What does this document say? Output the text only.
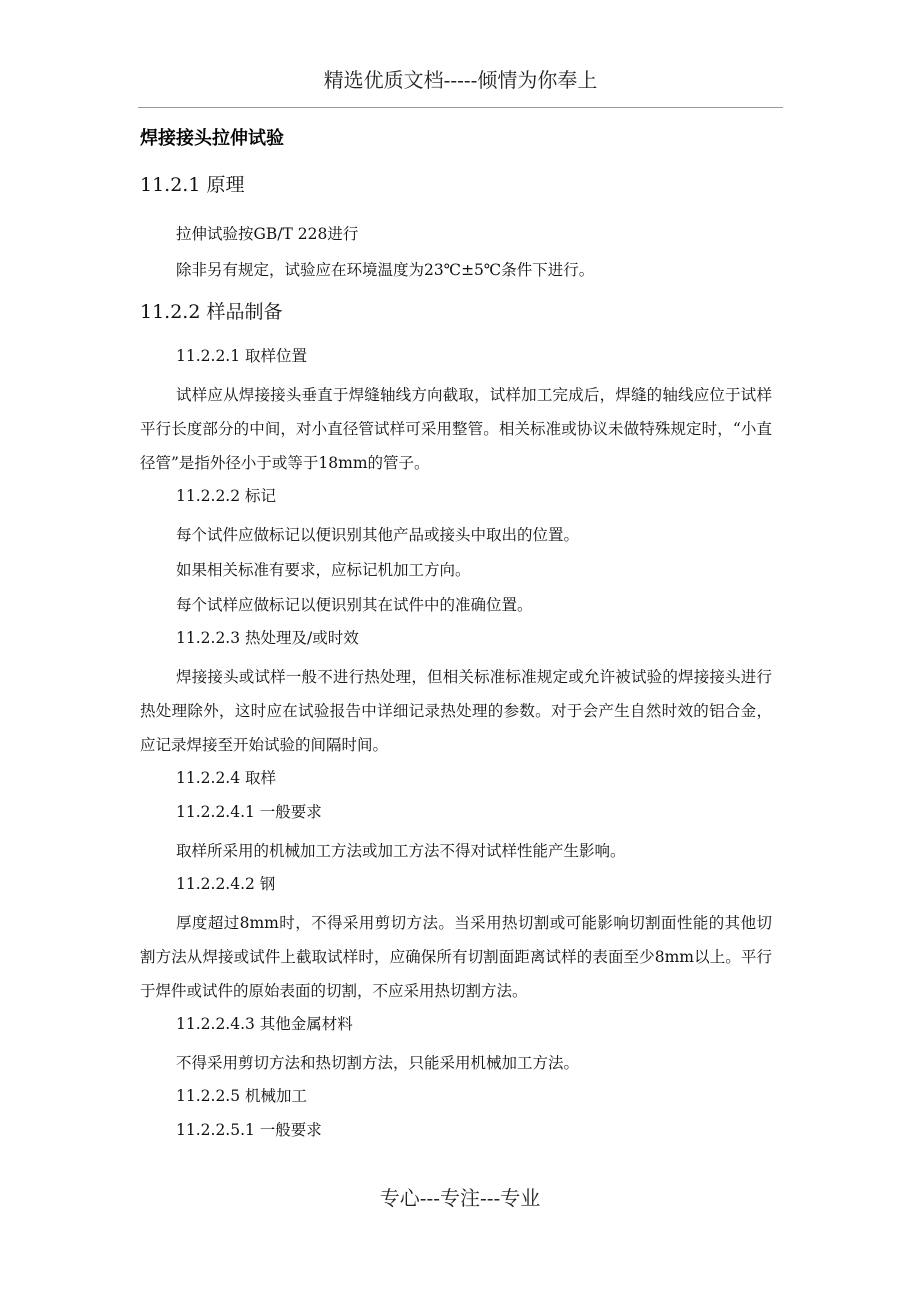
精选优质文档-----倾情为你奉上
焊接接头拉伸试验
11.2.1 原理
拉伸试验按GB/T 228进行
除非另有规定，试验应在环境温度为23℃±5℃条件下进行。
11.2.2 样品制备
11.2.2.1 取样位置
试样应从焊接接头垂直于焊缝轴线方向截取，试样加工完成后，焊缝的轴线应位于试样平行长度部分的中间，对小直径管试样可采用整管。相关标准或协议未做特殊规定时，“小直径管”是指外径小于或等于18mm的管子。
11.2.2.2 标记
每个试件应做标记以便识别其他产品或接头中取出的位置。
如果相关标准有要求，应标记机加工方向。
每个试样应做标记以便识别其在试件中的准确位置。
11.2.2.3 热处理及/或时效
焊接接头或试样一般不进行热处理，但相关标准标准规定或允许被试验的焊接接头进行热处理除外，这时应在试验报告中详细记录热处理的参数。对于会产生自然时效的铝合金，应记录焊接至开始试验的间隔时间。
11.2.2.4 取样
11.2.2.4.1 一般要求
取样所采用的机械加工方法或加工方法不得对试样性能产生影响。
11.2.2.4.2 钢
厚度超过8mm时，不得采用剪切方法。当采用热切割或可能影响切割面性能的其他切割方法从焊接或试件上截取试样时，应确保所有切割面距离试样的表面至少8mm以上。平行于焊件或试件的原始表面的切割，不应采用热切割方法。
11.2.2.4.3 其他金属材料
不得采用剪切方法和热切割方法，只能采用机械加工方法。
11.2.2.5 机械加工
11.2.2.5.1 一般要求
专心---专注---专业
